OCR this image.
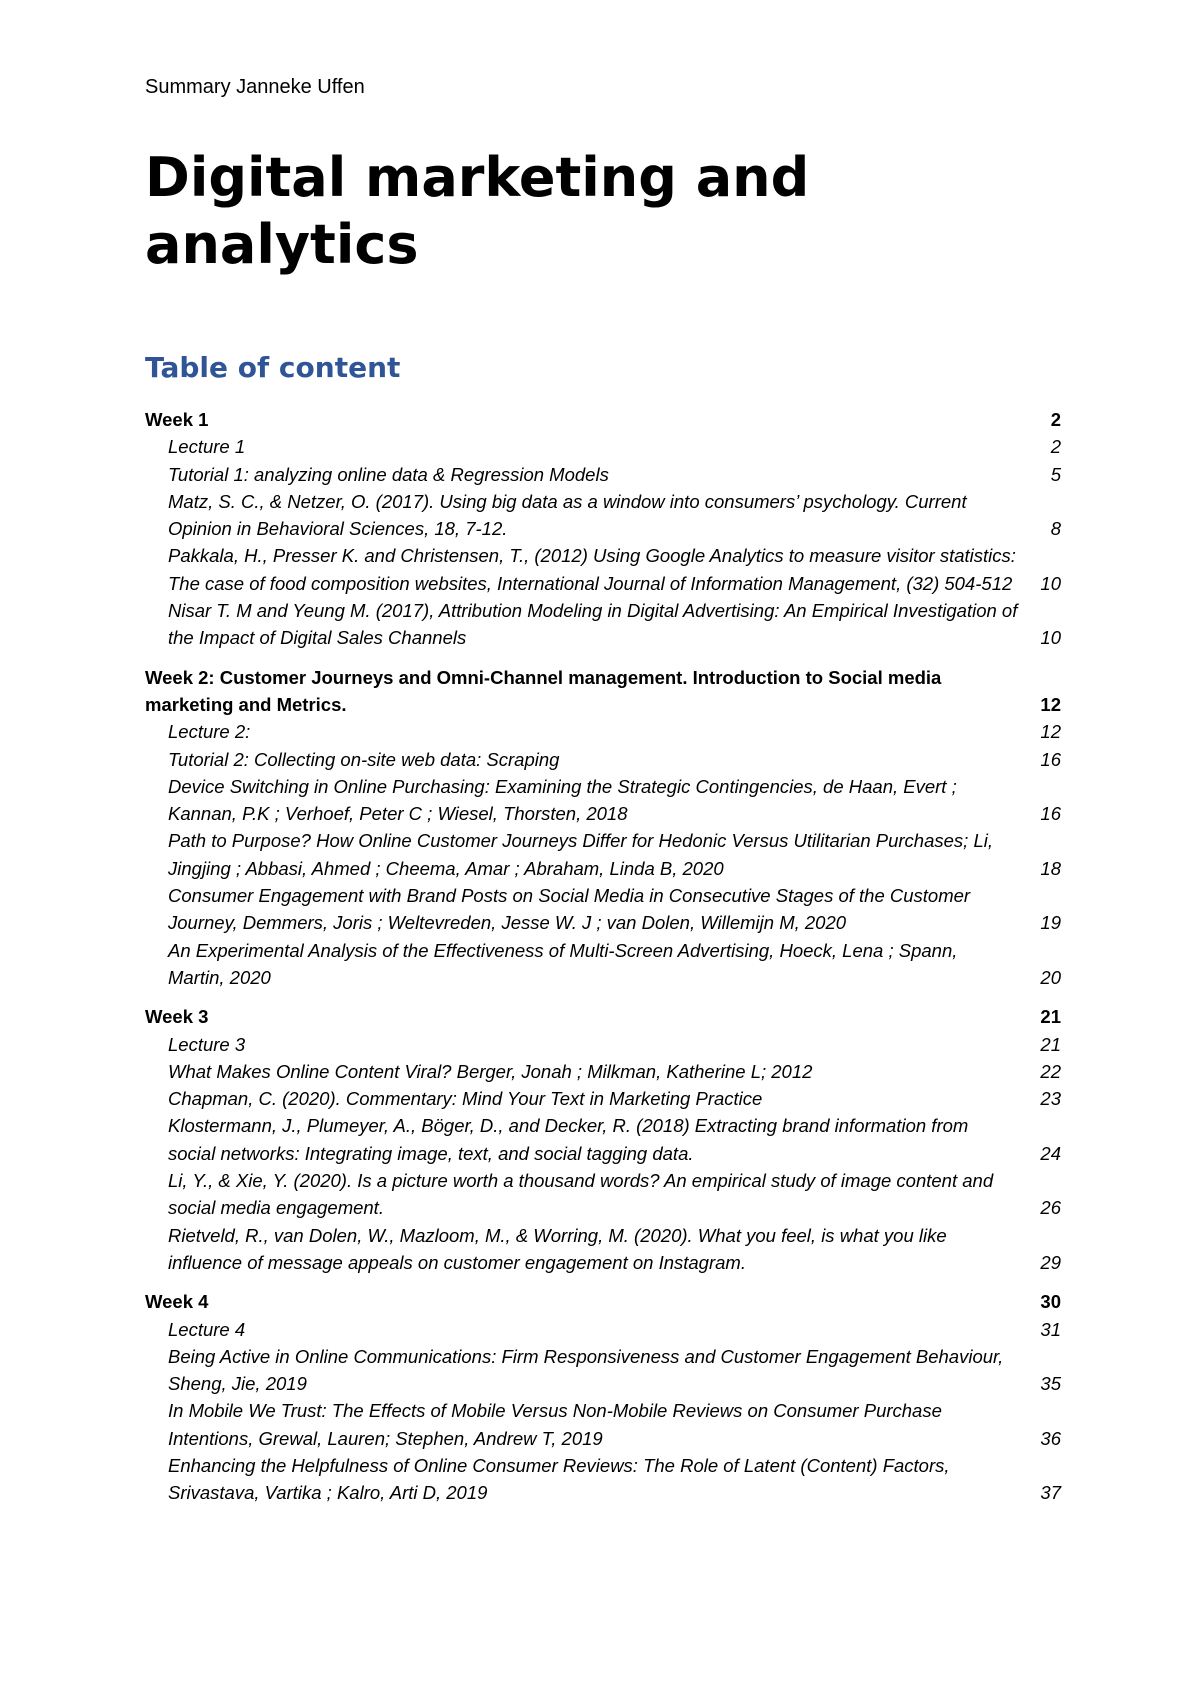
Summary Janneke Uffen
Digital marketing and analytics
Table of content
Week 1	2
Lecture 1	2
Tutorial 1: analyzing online data & Regression Models	5
Matz, S. C., & Netzer, O. (2017). Using big data as a window into consumers’ psychology. Current Opinion in Behavioral Sciences, 18, 7-12.	8
Pakkala, H., Presser K. and Christensen, T., (2012) Using Google Analytics to measure visitor statistics: The case of food composition websites, International Journal of Information Management, (32) 504-512	10
Nisar T. M and Yeung M. (2017), Attribution Modeling in Digital Advertising: An Empirical Investigation of the Impact of Digital Sales Channels	10
Week 2: Customer Journeys and Omni-Channel management. Introduction to Social media marketing and Metrics.	12
Lecture 2:	12
Tutorial 2: Collecting on-site web data: Scraping	16
Device Switching in Online Purchasing: Examining the Strategic Contingencies, de Haan, Evert ; Kannan, P.K ; Verhoef, Peter C ; Wiesel, Thorsten, 2018	16
Path to Purpose? How Online Customer Journeys Differ for Hedonic Versus Utilitarian Purchases; Li, Jingjing ; Abbasi, Ahmed ; Cheema, Amar ; Abraham, Linda B, 2020	18
Consumer Engagement with Brand Posts on Social Media in Consecutive Stages of the Customer Journey, Demmers, Joris ; Weltevreden, Jesse W. J ; van Dolen, Willemijn M, 2020	19
An Experimental Analysis of the Effectiveness of Multi-Screen Advertising, Hoeck, Lena ; Spann, Martin, 2020	20
Week 3	21
Lecture 3	21
What Makes Online Content Viral? Berger, Jonah ; Milkman, Katherine L; 2012	22
Chapman, C. (2020). Commentary: Mind Your Text in Marketing Practice	23
Klostermann, J., Plumeyer, A., Böger, D., and Decker, R. (2018) Extracting brand information from social networks: Integrating image, text, and social tagging data.	24
Li, Y., & Xie, Y. (2020). Is a picture worth a thousand words? An empirical study of image content and social media engagement.	26
Rietveld, R., van Dolen, W., Mazloom, M., & Worring, M. (2020). What you feel, is what you like influence of message appeals on customer engagement on Instagram.	29
Week 4	30
Lecture 4	31
Being Active in Online Communications: Firm Responsiveness and Customer Engagement Behaviour, Sheng, Jie, 2019	35
In Mobile We Trust: The Effects of Mobile Versus Non-Mobile Reviews on Consumer Purchase Intentions, Grewal, Lauren; Stephen, Andrew T, 2019	36
Enhancing the Helpfulness of Online Consumer Reviews: The Role of Latent (Content) Factors, Srivastava, Vartika ; Kalro, Arti D, 2019	37
